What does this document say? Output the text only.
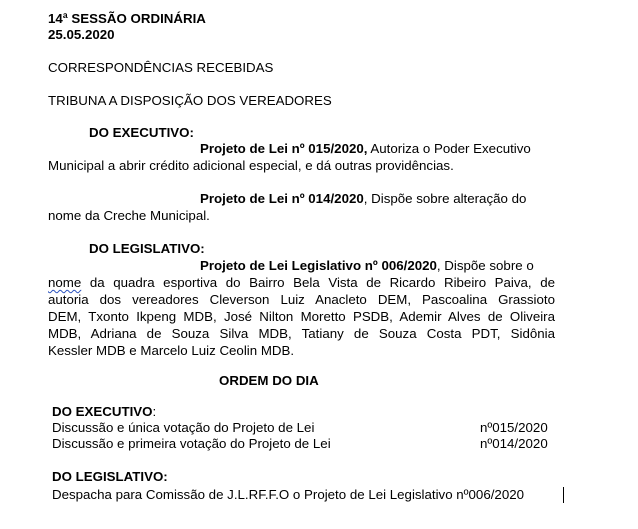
14ª SESSÃO ORDINÁRIA
25.05.2020
CORRESPONDÊNCIAS RECEBIDAS
TRIBUNA A DISPOSIÇÃO DOS VEREADORES
DO EXECUTIVO:
Projeto de Lei nº 015/2020, Autoriza o Poder Executivo
Municipal a abrir crédito adicional especial, e dá outras providências.
Projeto de Lei nº 014/2020, Dispõe sobre alteração do
nome da Creche Municipal.
DO LEGISLATIVO:
Projeto de Lei Legislativo nº 006/2020, Dispõe sobre o
nome da quadra esportiva do Bairro Bela Vista de Ricardo Ribeiro Paiva, de
autoria dos vereadores Cleverson Luiz Anacleto DEM, Pascoalina Grassioto
DEM, Txonto Ikpeng MDB, José Nilton Moretto PSDB, Ademir Alves de Oliveira
MDB, Adriana de Souza Silva MDB, Tatiany de Souza Costa PDT, Sidônia
Kessler MDB e Marcelo Luiz Ceolin MDB.
ORDEM DO DIA
DO EXECUTIVO:
Discussão e única votação do Projeto de Lei	nº015/2020
Discussão e primeira votação do Projeto de Lei	nº014/2020
DO LEGISLATIVO:
Despacha para Comissão de J.L.RF.F.O o Projeto de Lei Legislativo nº006/2020
